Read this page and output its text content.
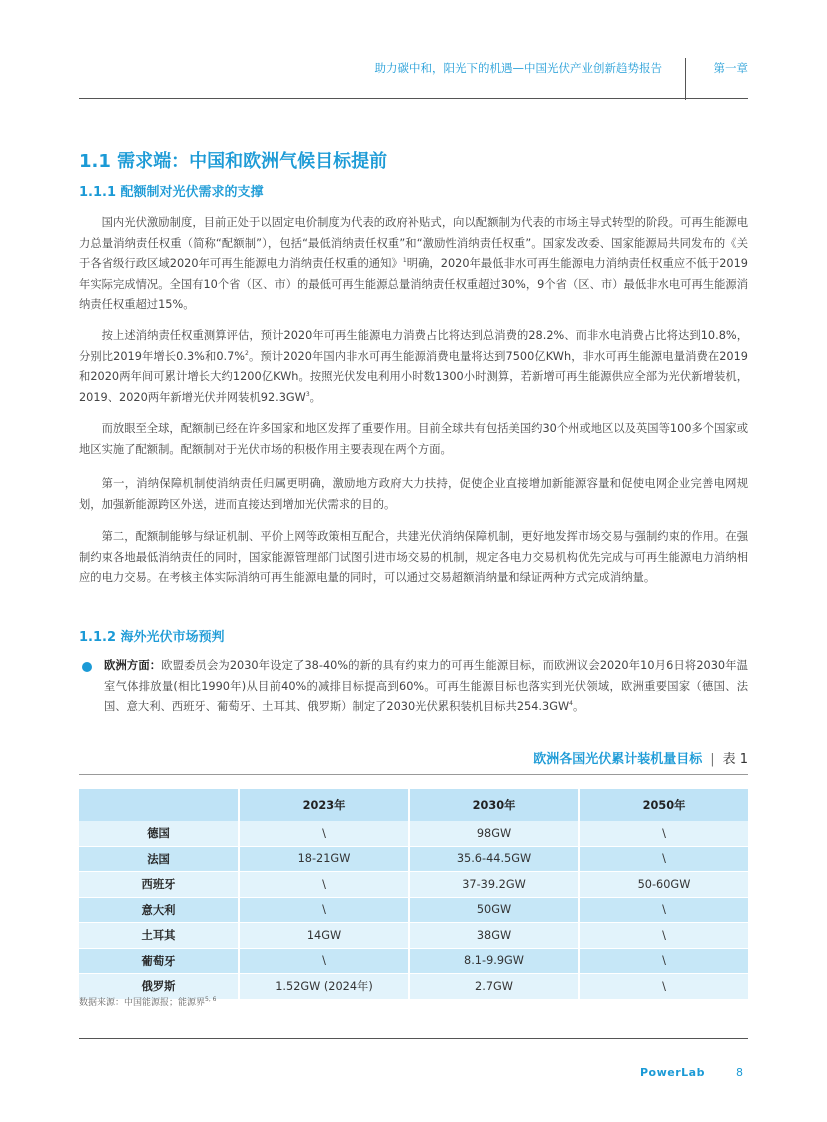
助力碳中和，阳光下的机遇—中国光伏产业创新趋势报告	第一章
1.1 需求端：中国和欧洲气候目标提前
1.1.1 配额制对光伏需求的支撑

国内光伏激励制度，目前正处于以固定电价制度为代表的政府补贴式，向以配额制为代表的市场主导式转型的阶段。可再生能源电力总量消纳责任权重（简称“配额制”），包括“最低消纳责任权重”和“激励性消纳责任权重”。国家发改委、国家能源局共同发布的《关于各省级行政区域2020年可再生能源电力消纳责任权重的通知》$^1$明确，2020年最低非水可再生能源电力消纳责任权重应不低于2019年实际完成情况。全国有10个省（区、市）的最低可再生能源总量消纳责任权重超过30%，9个省（区、市）最低非水电可再生能源消纳责任权重超过15%。

按上述消纳责任权重测算评估，预计2020年可再生能源电力消费占比将达到总消费的28.2%、而非水电消费占比将达到10.8%，分别比2019年增长0.3%和0.7%$^2$。预计2020年国内非水可再生能源消费电量将达到7500亿KWh，非水可再生能源电量消费在2019和2020两年间可累计增长大约1200亿KWh。按照光伏发电利用小时数1300小时测算，若新增可再生能源供应全部为光伏新增装机，2019、2020两年新增光伏并网装机$92.3GW^3$。

而放眼至全球，配额制已经在许多国家和地区发挥了重要作用。目前全球共有包括美国约30个州或地区以及英国等100多个国家或地区实施了配额制。配额制对于光伏市场的积极作用主要表现在两个方面。

第一，消纳保障机制使消纳责任归属更明确，激励地方政府大力扶持，促使企业直接增加新能源容量和促使电网企业完善电网规划，加强新能源跨区外送，进而直接达到增加光伏需求的目的。

第二，配额制能够与绿证机制、平价上网等政策相互配合，共建光伏消纳保障机制，更好地发挥市场交易与强制约束的作用。在强制约束各地最低消纳责任的同时，国家能源管理部门试图引进市场交易的机制，规定各电力交易机构优先完成与可再生能源电力消纳相应的电力交易。在考核主体实际消纳可再生能源电量的同时，可以通过交易超额消纳量和绿证两种方式完成消纳量。

1.1.2 海外光伏市场预判

欧洲方面：欧盟委员会为2030年设定了38-40%的新的具有约束力的可再生能源目标，而欧洲议会2020年10月6日将2030年温室气体排放量(相比1990年)从目前40%的减排目标提高到60%。可再生能源目标也落实到光伏领域，欧洲重要国家（德国、法国、意大利、西班牙、葡萄牙、土耳其、俄罗斯）制定了2030光伏累积装机目标共$254.3GW^4$。

欧洲各国光伏累计装机量目标 | 表 1
	2023年	2030年	2050年
德国	\	98GW	\
法国	18-21GW	35.6-44.5GW	\
西班牙	\	37-39.2GW	50-60GW
意大利	\	50GW	\
土耳其	14GW	38GW	\
葡萄牙	\	8.1-9.9GW	\
俄罗斯	1.52GW (2024年)	2.7GW	\
数据来源：中国能源报；能源界$^{5, 6}$
PowerLab	8
